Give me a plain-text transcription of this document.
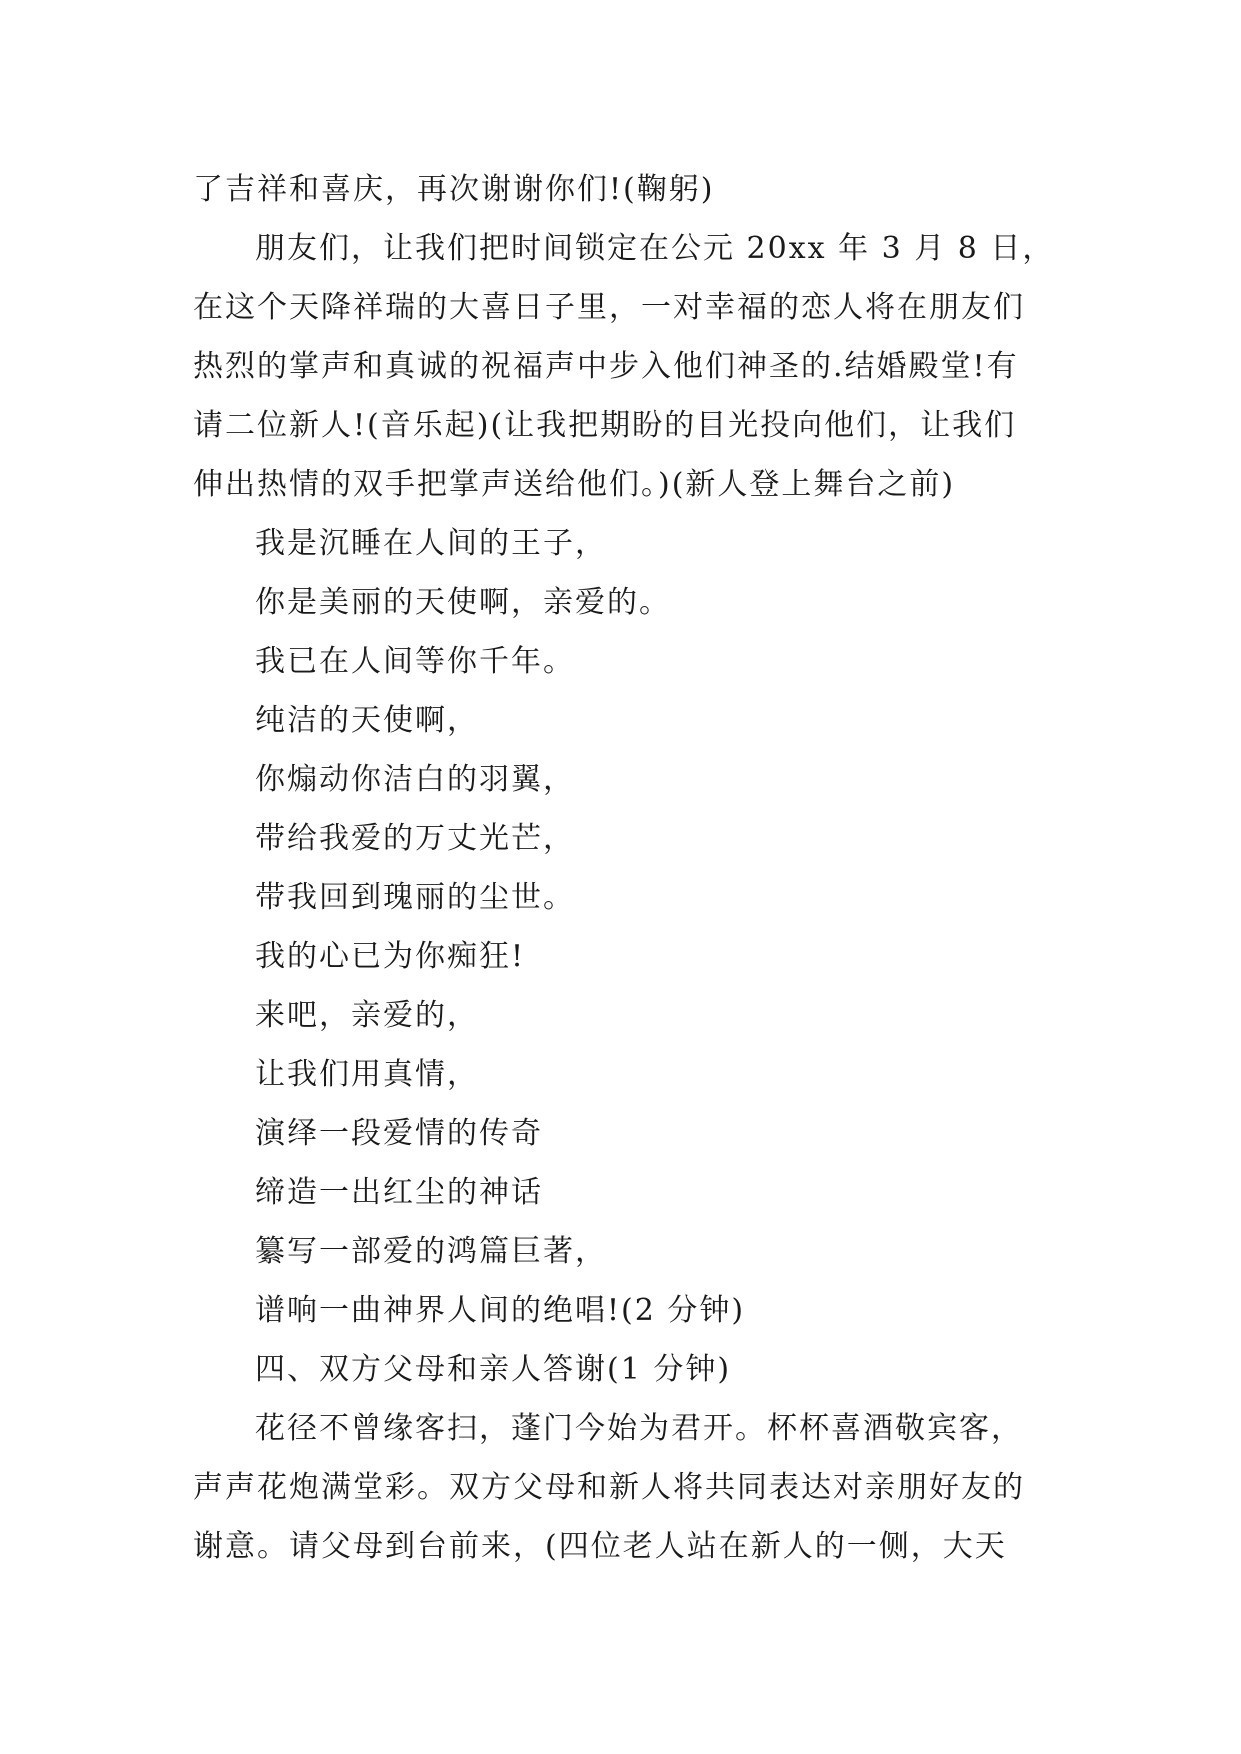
了吉祥和喜庆，再次谢谢你们!(鞠躬)
朋友们，让我们把时间锁定在公元 20xx 年 3 月 8 日，
在这个天降祥瑞的大喜日子里，一对幸福的恋人将在朋友们
热烈的掌声和真诚的祝福声中步入他们神圣的.结婚殿堂!有
请二位新人!(音乐起)(让我把期盼的目光投向他们，让我们
伸出热情的双手把掌声送给他们。)(新人登上舞台之前)
我是沉睡在人间的王子，
你是美丽的天使啊，亲爱的。
我已在人间等你千年。
纯洁的天使啊，
你煽动你洁白的羽翼，
带给我爱的万丈光芒，
带我回到瑰丽的尘世。
我的心已为你痴狂!
来吧，亲爱的，
让我们用真情，
演绎一段爱情的传奇
缔造一出红尘的神话
纂写一部爱的鸿篇巨著，
谱响一曲神界人间的绝唱!(2 分钟)
四、双方父母和亲人答谢(1 分钟)
花径不曾缘客扫，蓬门今始为君开。杯杯喜酒敬宾客，
声声花炮满堂彩。双方父母和新人将共同表达对亲朋好友的
谢意。请父母到台前来，(四位老人站在新人的一侧，大天
